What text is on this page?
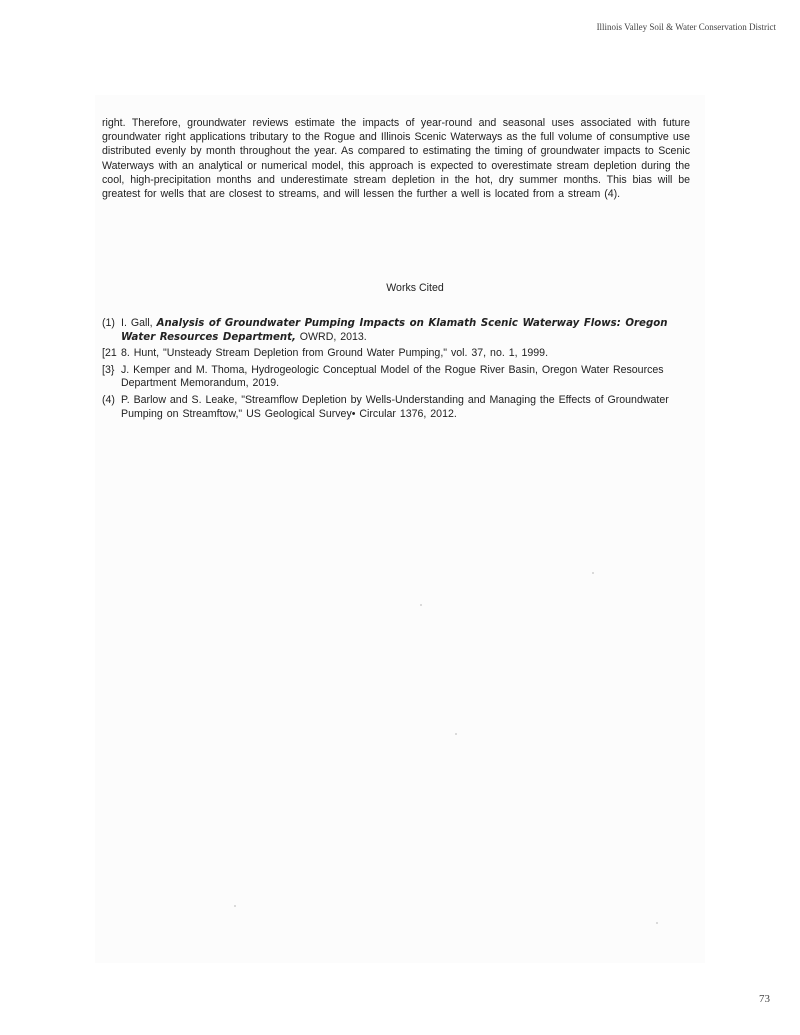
Illinois Valley Soil & Water Conservation District

right. Therefore, groundwater reviews estimate the impacts of year-round and seasonal uses associated with future groundwater right applications tributary to the Rogue and Illinois Scenic Waterways as the full volume of consumptive use distributed evenly by month throughout the year. As compared to estimating the timing of groundwater impacts to Scenic Waterways with an analytical or numerical model, this approach is expected to overestimate stream depletion during the cool, high-precipitation months and underestimate stream depletion in the hot, dry summer months. This bias will be greatest for wells that are closest to streams, and will lessen the further a well is located from a stream (4).

Works Cited
(1) I. Gall, Analysis of Groundwater Pumping Impacts on Klamath Scenic Waterway Flows: Oregon Water Resources Department, OWRD, 2013.
[21 8. Hunt, "Unsteady Stream Depletion from Ground Water Pumping," vol. 37, no. 1, 1999.
[3} J. Kemper and M. Thoma, Hydrogeologic Conceptual Model of the Rogue River Basin, Oregon Water Resources Department Memorandum, 2019.
(4) P. Barlow and S. Leake, "Streamflow Depletion by Wells-Understanding and Managing the Effects of Groundwater Pumping on Streamftow," US Geological Survey• Circular 1376, 2012.
73
